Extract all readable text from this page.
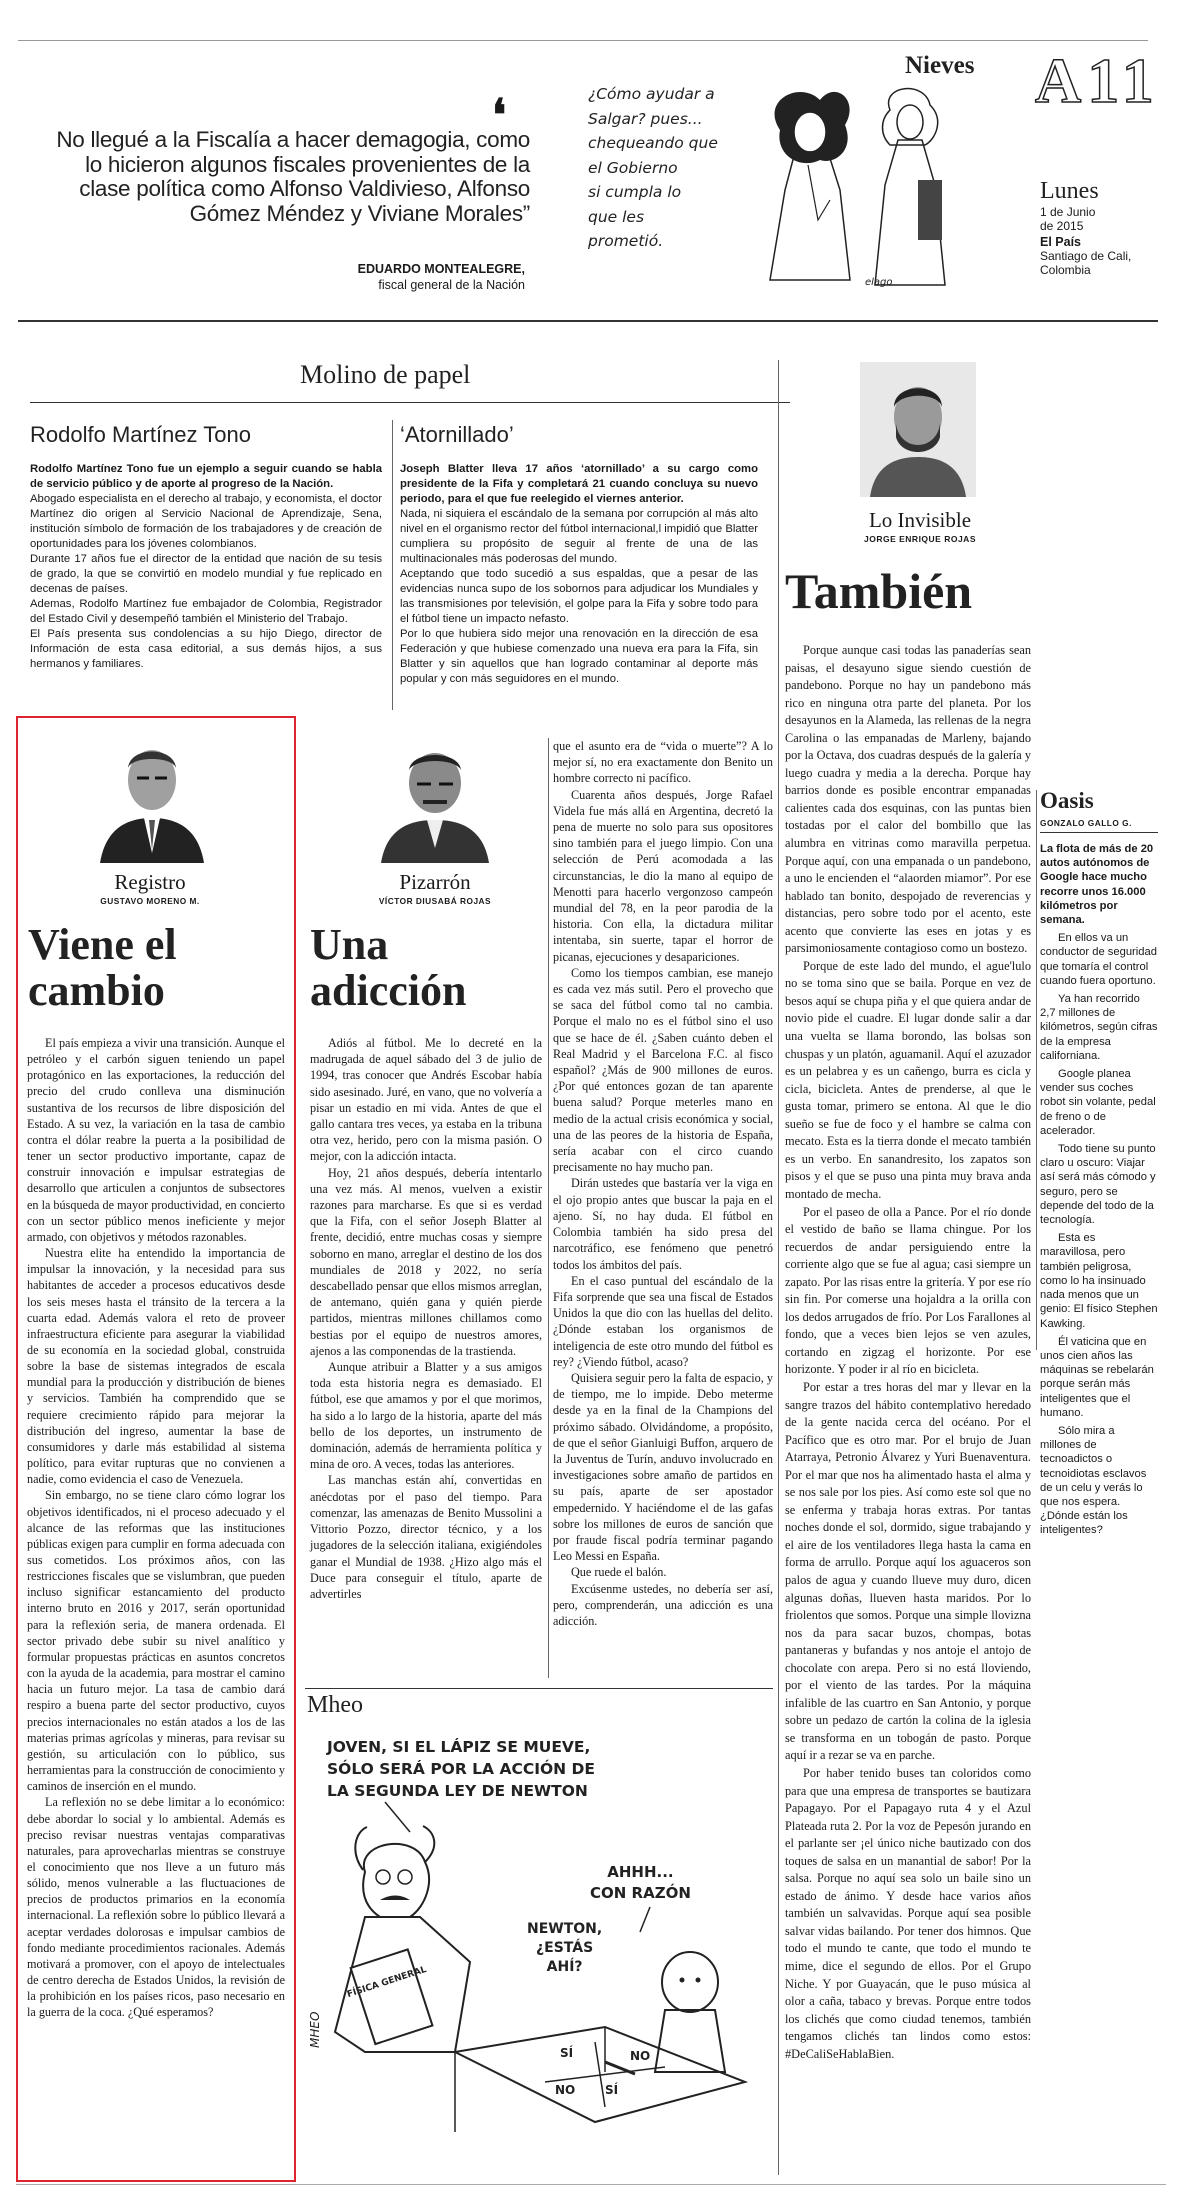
Nieves A11
Lunes
1 de Junio de 2015
El País
Santiago de Cali,
Colombia
❛
No llegué a la Fiscalía a hacer demagogia, como lo hicieron algunos fiscales provenientes de la clase política como Alfonso Valdivieso, Alfonso Gómez Méndez y Viviane Morales”
EDUARDO MONTEALEGRE,
fiscal general de la Nación
¿Cómo ayudar a
Salgar? pues...
chequeando que
el Gobierno
si cumpla lo
que les
prometió.
elago
Molino de papel
Rodolfo Martínez Tono

Rodolfo Martínez Tono fue un ejemplo a seguir cuando se habla de servicio público y de aporte al progreso de la Nación.

Abogado especialista en el derecho al trabajo, y economista, el doctor Martínez dio origen al Servicio Nacional de Aprendizaje, Sena, institución símbolo de formación de los trabajadores y de creación de oportunidades para los jóvenes colombianos.

Durante 17 años fue el director de la entidad que nación de su tesis de grado, la que se convirtió en modelo mundial y fue replicado en decenas de países.

Ademas, Rodolfo Martínez fue embajador de Colombia, Registrador del Estado Civil y desempeñó también el Ministerio del Trabajo.

El País presenta sus condolencias a su hijo Diego, director de Información de esta casa editorial, a sus demás hijos, a sus hermanos y familiares.

‘Atornillado’

Joseph Blatter lleva 17 años ‘atornillado’ a su cargo como presidente de la Fifa y completará 21 cuando concluya su nuevo periodo, para el que fue reelegido el viernes anterior.

Nada, ni siquiera el escándalo de la semana por corrupción al más alto nivel en el organismo rector del fútbol internacional,l impidió que Blatter cumpliera su propósito de seguir al frente de una de las multinacionales más poderosas del mundo.

Aceptando que todo sucedió a sus espaldas, que a pesar de las evidencias nunca supo de los sobornos para adjudicar los Mundiales y las transmisiones por televisión, el golpe para la Fifa y sobre todo para el fútbol tiene un impacto nefasto.

Por lo que hubiera sido mejor una renovación en la dirección de esa Federación y que hubiese comenzado una nueva era para la Fifa, sin Blatter y sin aquellos que han logrado contaminar al deporte más popular y con más seguidores en el mundo.

Lo Invisible
JORGE ENRIQUE ROJAS
También

Porque aunque casi todas las panaderías sean paisas, el desayuno sigue siendo cuestión de pandebono. Porque no hay un pandebono más rico en ninguna otra parte del planeta. Por los desayunos en la Alameda, las rellenas de la negra Carolina o las empanadas de Marleny, bajando por la Octava, dos cuadras después de la galería y luego cuadra y media a la derecha. Porque hay barrios donde es posible encontrar empanadas calientes cada dos esquinas, con las puntas bien tostadas por el calor del bombillo que las alumbra en vitrinas como maravilla perpetua. Porque aquí, con una empanada o un pandebono, a uno le encienden el “alaorden miamor”. Por ese hablado tan bonito, despojado de reverencias y distancias, pero sobre todo por el acento, este acento que convierte las eses en jotas y es parsimoniosamente contagioso como un bostezo.

Porque de este lado del mundo, el ague'lulo no se toma sino que se baila. Porque en vez de besos aquí se chupa piña y el que quiera andar de novio pide el cuadre. El lugar donde salir a dar una vuelta se llama borondo, las bolsas son chuspas y un platón, aguamanil. Aquí el azuzador es un pelabrea y es un cañengo, burra es cicla y cicla, bicicleta. Antes de prenderse, al que le gusta tomar, primero se entona. Al que le dio sueño se fue de foco y el hambre se calma con mecato. Esta es la tierra donde el mecato también es un verbo. En sanandresito, los zapatos son pisos y el que se puso una pinta muy brava anda montado de mecha.

Por el paseo de olla a Pance. Por el río donde el vestido de baño se llama chingue. Por los recuerdos de andar persiguiendo entre la corriente algo que se fue al agua; casi siempre un zapato. Por las risas entre la gritería. Y por ese río sin fin. Por comerse una hojaldra a la orilla con los dedos arrugados de frío. Por Los Farallones al fondo, que a veces bien lejos se ven azules, cortando en zigzag el horizonte. Por ese horizonte. Y poder ir al río en bicicleta.

Por estar a tres horas del mar y llevar en la sangre trazos del hábito contemplativo heredado de la gente nacida cerca del océano. Por el Pacífico que es otro mar. Por el brujo de Juan Atarraya, Petronio Álvarez y Yuri Buenaventura. Por el mar que nos ha alimentado hasta el alma y se nos sale por los pies. Así como este sol que no se enferma y trabaja horas extras. Por tantas noches donde el sol, dormido, sigue trabajando y el aire de los ventiladores llega hasta la cama en forma de arrullo. Porque aquí los aguaceros son palos de agua y cuando llueve muy duro, dicen algunas doñas, llueven hasta maridos. Por lo friolentos que somos. Porque una simple llovizna nos da para sacar buzos, chompas, botas pantaneras y bufandas y nos antoje el antojo de chocolate con arepa. Pero si no está lloviendo, por el viento de las tardes. Por la máquina infalible de las cuartro en San Antonio, y porque sobre un pedazo de cartón la colina de la iglesia se transforma en un tobogán de pasto. Porque aquí ir a rezar se va en parche.

Por haber tenido buses tan coloridos como para que una empresa de transportes se bautizara Papagayo. Por el Papagayo ruta 4 y el Azul Plateada ruta 2. Por la voz de Pepesón jurando en el parlante ser ¡el único niche bautizado con dos toques de salsa en un manantial de sabor! Por la salsa. Porque no aquí sea solo un baile sino un estado de ánimo. Y desde hace varios años también un salvavidas. Porque aquí sea posible salvar vidas bailando. Por tener dos himnos. Que todo el mundo te cante, que todo el mundo te mime, dice el segundo de ellos. Por el Grupo Niche. Y por Guayacán, que le puso música al olor a caña, tabaco y brevas. Porque entre todos los clichés que como ciudad tenemos, también tengamos clichés tan lindos como estos: #DeCaliSeHablaBien.

Oasis
GONZALO GALLO G.

La flota de más de 20 autos autónomos de Google hace mucho recorre unos 16.000 kilómetros por semana.

En ellos va un conductor de seguridad que tomaría el control cuando fuera oportuno.

Ya han recorrido 2,7 millones de kilómetros, según cifras de la empresa californiana.

Google planea vender sus coches robot sin volante, pedal de freno o de acelerador.

Todo tiene su punto claro u oscuro: Viajar así será más cómodo y seguro, pero se depende del todo de la tecnología.

Esta es maravillosa, pero también peligrosa, como lo ha insinuado nada menos que un genio: El físico Stephen Kawking.

Él vaticina que en unos cien años las máquinas se rebelarán porque serán más inteligentes que el humano.

Sólo mira a millones de tecnoadictos o tecnoidiotas esclavos de un celu y verás lo que nos espera. ¿Dónde están los inteligentes?

Registro
GUSTAVO MORENO M.
Viene el cambio

El país empieza a vivir una transición. Aunque el petróleo y el carbón siguen teniendo un papel protagónico en las exportaciones, la reducción del precio del crudo conlleva una disminución sustantiva de los recursos de libre disposición del Estado. A su vez, la variación en la tasa de cambio contra el dólar reabre la puerta a la posibilidad de tener un sector productivo importante, capaz de construir innovación e impulsar estrategias de desarrollo que articulen a conjuntos de subsectores en la búsqueda de mayor productividad, en concierto con un sector público menos ineficiente y mejor armado, con objetivos y métodos razonables.

Nuestra elite ha entendido la importancia de impulsar la innovación, y la necesidad para sus habitantes de acceder a procesos educativos desde los seis meses hasta el tránsito de la tercera a la cuarta edad. Además valora el reto de proveer infraestructura eficiente para asegurar la viabilidad de su economía en la sociedad global, construida sobre la base de sistemas integrados de escala mundial para la producción y distribución de bienes y servicios. También ha comprendido que se requiere crecimiento rápido para mejorar la distribución del ingreso, aumentar la base de consumidores y darle más estabilidad al sistema político, para evitar rupturas que no convienen a nadie, como evidencia el caso de Venezuela.

Sin embargo, no se tiene claro cómo lograr los objetivos identificados, ni el proceso adecuado y el alcance de las reformas que las instituciones públicas exigen para cumplir en forma adecuada con sus cometidos. Los próximos años, con las restricciones fiscales que se vislumbran, que pueden incluso significar estancamiento del producto interno bruto en 2016 y 2017, serán oportunidad para la reflexión seria, de manera ordenada. El sector privado debe subir su nivel analítico y formular propuestas prácticas en asuntos concretos con la ayuda de la academia, para mostrar el camino hacia un futuro mejor. La tasa de cambio dará respiro a buena parte del sector productivo, cuyos precios internacionales no están atados a los de las materias primas agrícolas y mineras, para revisar su gestión, su articulación con lo público, sus herramientas para la construcción de conocimiento y caminos de inserción en el mundo.

La reflexión no se debe limitar a lo económico: debe abordar lo social y lo ambiental. Además es preciso revisar nuestras ventajas comparativas naturales, para aprovecharlas mientras se construye el conocimiento que nos lleve a un futuro más sólido, menos vulnerable a las fluctuaciones de precios de productos primarios en la economía internacional. La reflexión sobre lo público llevará a aceptar verdades dolorosas e impulsar cambios de fondo mediante procedimientos racionales. Además motivará a promover, con el apoyo de intelectuales de centro derecha de Estados Unidos, la revisión de la prohibición en los países ricos, paso necesario en la guerra de la coca. ¿Qué esperamos?

Pizarrón
VÍCTOR DIUSABÁ ROJAS
Una adicción

Adiós al fútbol. Me lo decreté en la madrugada de aquel sábado del 3 de julio de 1994, tras conocer que Andrés Escobar había sido asesinado. Juré, en vano, que no volvería a pisar un estadio en mi vida. Antes de que el gallo cantara tres veces, ya estaba en la tribuna otra vez, herido, pero con la misma pasión. O mejor, con la adicción intacta.

Hoy, 21 años después, debería intentarlo una vez más. Al menos, vuelven a existir razones para marcharse. Es que si es verdad que la Fifa, con el señor Joseph Blatter al frente, decidió, entre muchas cosas y siempre soborno en mano, arreglar el destino de los dos mundiales de 2018 y 2022, no sería descabellado pensar que ellos mismos arreglan, de antemano, quién gana y quién pierde partidos, mientras millones chillamos como bestias por el equipo de nuestros amores, ajenos a las componendas de la trastienda.

Aunque atribuir a Blatter y a sus amigos toda esta historia negra es demasiado. El fútbol, ese que amamos y por el que morimos, ha sido a lo largo de la historia, aparte del más bello de los deportes, un instrumento de dominación, además de herramienta política y mina de oro. A veces, todas las anteriores.

Las manchas están ahí, convertidas en anécdotas por el paso del tiempo. Para comenzar, las amenazas de Benito Mussolini a Vittorio Pozzo, director técnico, y a los jugadores de la selección italiana, exigiéndoles ganar el Mundial de 1938. ¿Hizo algo más el Duce para conseguir el título, aparte de advertirles

que el asunto era de “vida o muerte”? A lo mejor sí, no era exactamente don Benito un hombre correcto ni pacífico.

Cuarenta años después, Jorge Rafael Videla fue más allá en Argentina, decretó la pena de muerte no solo para sus opositores sino también para el juego limpio. Con una selección de Perú acomodada a las circunstancias, le dio la mano al equipo de Menotti para hacerlo vergonzoso campeón mundial del 78, en la peor parodia de la historia. Con ella, la dictadura militar intentaba, sin suerte, tapar el horror de picanas, ejecuciones y desapariciones.

Como los tiempos cambian, ese manejo es cada vez más sutil. Pero el provecho que se saca del fútbol como tal no cambia. Porque el malo no es el fútbol sino el uso que se hace de él. ¿Saben cuánto deben el Real Madrid y el Barcelona F.C. al fisco español? ¿Más de 900 millones de euros. ¿Por qué entonces gozan de tan aparente buena salud? Porque meterles mano en medio de la actual crisis económica y social, una de las peores de la historia de España, sería acabar con el circo cuando precisamente no hay mucho pan.

Dirán ustedes que bastaría ver la viga en el ojo propio antes que buscar la paja en el ajeno. Sí, no hay duda. El fútbol en Colombia también ha sido presa del narcotráfico, ese fenómeno que penetró todos los ámbitos del país.

En el caso puntual del escándalo de la Fifa sorprende que sea una fiscal de Estados Unidos la que dio con las huellas del delito. ¿Dónde estaban los organismos de inteligencia de este otro mundo del fútbol es rey? ¿Viendo fútbol, acaso?

Quisiera seguir pero la falta de espacio, y de tiempo, me lo impide. Debo meterme desde ya en la final de la Champions del próximo sábado. Olvidándome, a propósito, de que el señor Gianluigi Buffon, arquero de la Juventus de Turín, anduvo involucrado en investigaciones sobre amaño de partidos en su país, aparte de ser apostador empedernido. Y haciéndome el de las gafas sobre los millones de euros de sanción que por fraude fiscal podría terminar pagando Leo Messi en España.

Que ruede el balón.

Excúsenme ustedes, no debería ser así, pero, comprenderán, una adicción es una adicción.

Mheo
JOVEN, SI EL LÁPIZ SE MUEVE,
SÓLO SERÁ POR LA ACCIÓN DE
LA SEGUNDA LEY DE NEWTON
AHHH...
CON RAZÓN
NEWTON,
¿ESTÁS
AHÍ?
FÍSICA GENERAL
SÍ	NO
NO SÍ
MHEO
